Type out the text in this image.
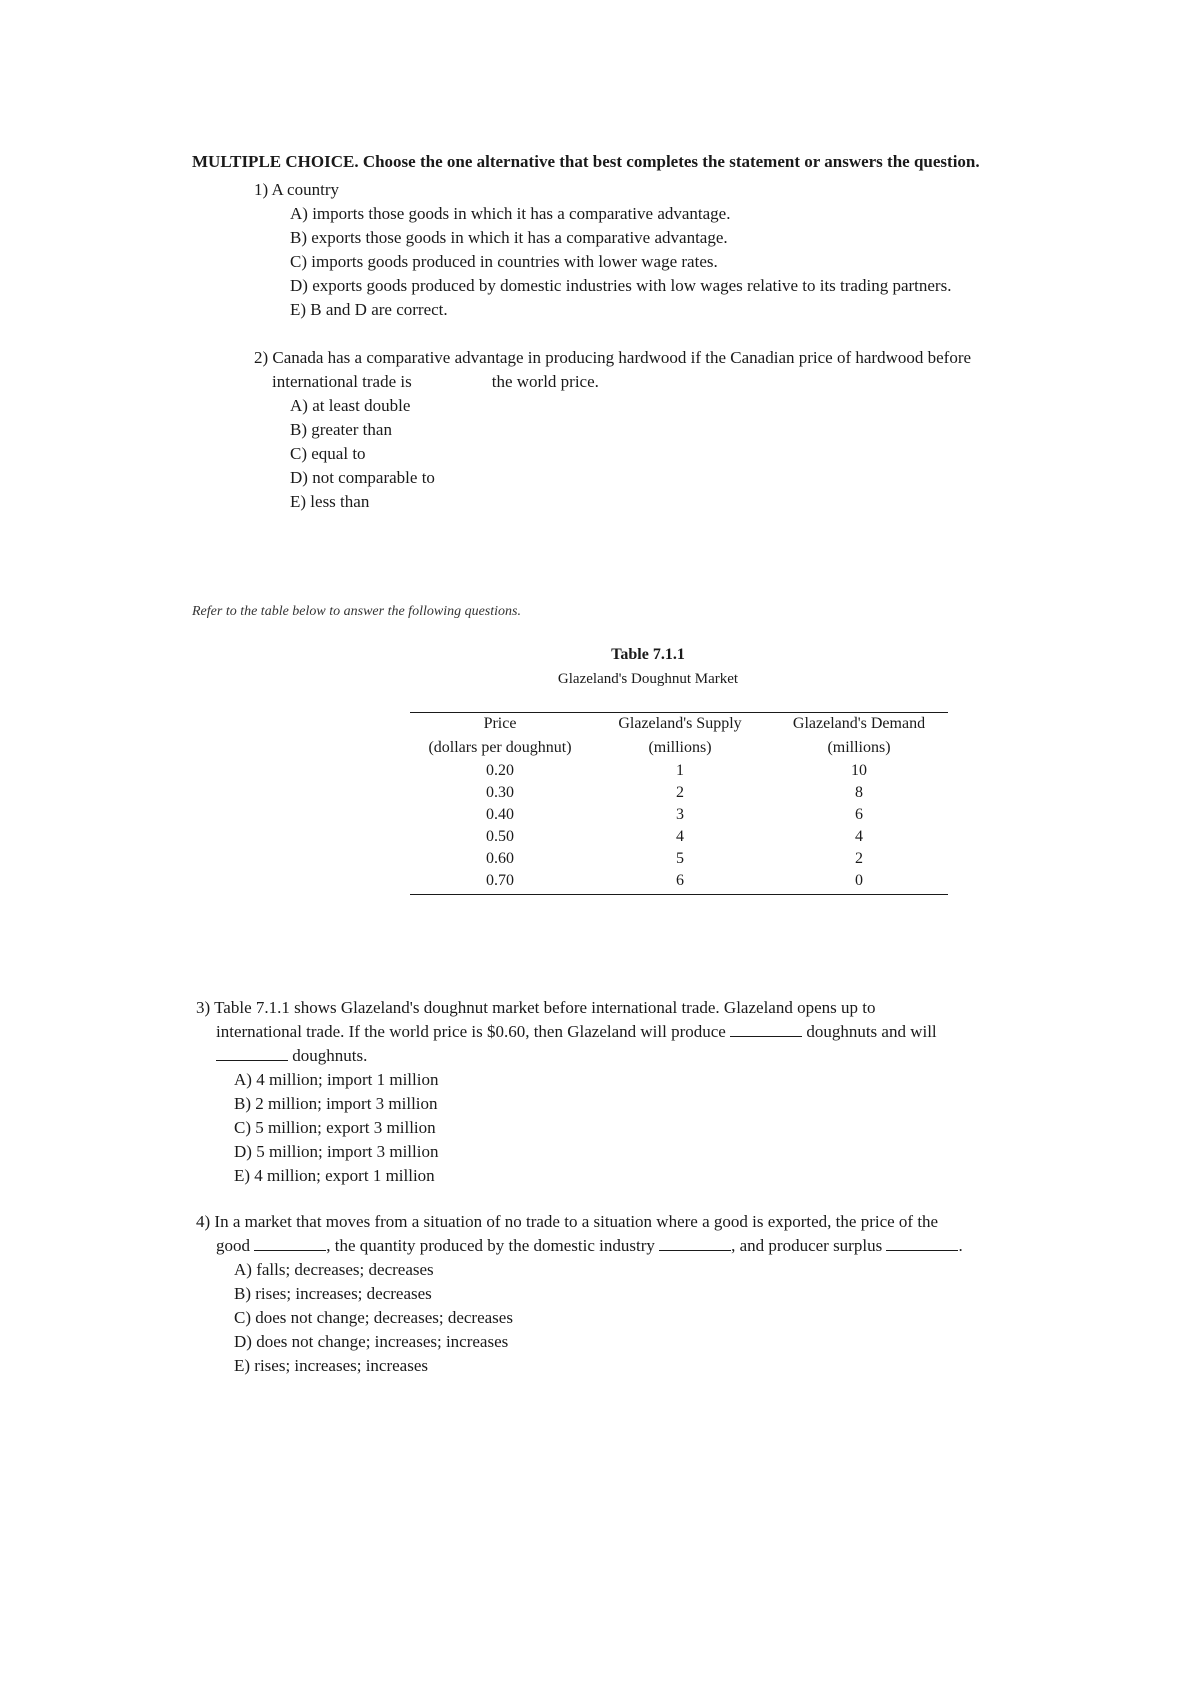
MULTIPLE CHOICE. Choose the one alternative that best completes the statement or answers the question.
1) A country
A) imports those goods in which it has a comparative advantage.
B) exports those goods in which it has a comparative advantage.
C) imports goods produced in countries with lower wage rates.
D) exports goods produced by domestic industries with low wages relative to its trading partners.
E) B and D are correct.
2) Canada has a comparative advantage in producing hardwood if the Canadian price of hardwood before
international trade is	the world price.
A) at least double
B) greater than
C) equal to
D) not comparable to
E) less than
Refer to the table below to answer the following questions.
Table 7.1.1
Glazeland's Doughnut Market
Price	Glazeland's Supply	Glazeland's Demand
(dollars per doughnut)	(millions)	(millions)
0.20	1	10
0.30	2	8
0.40	3	6
0.50	4	4
0.60	5	2
0.70	6	0
3) Table 7.1.1 shows Glazeland's doughnut market before international trade. Glazeland opens up to
international trade. If the world price is $0.60, then Glazeland will produce	doughnuts and will
doughnuts.
A) 4 million; import 1 million
B) 2 million; import 3 million
C) 5 million; export 3 million
D) 5 million; import 3 million
E) 4 million; export 1 million
4) In a market that moves from a situation of no trade to a situation where a good is exported, the price of the
good	, the quantity produced by the domestic industry	, and producer surplus	.
A) falls; decreases; decreases
B) rises; increases; decreases
C) does not change; decreases; decreases
D) does not change; increases; increases
E) rises; increases; increases
